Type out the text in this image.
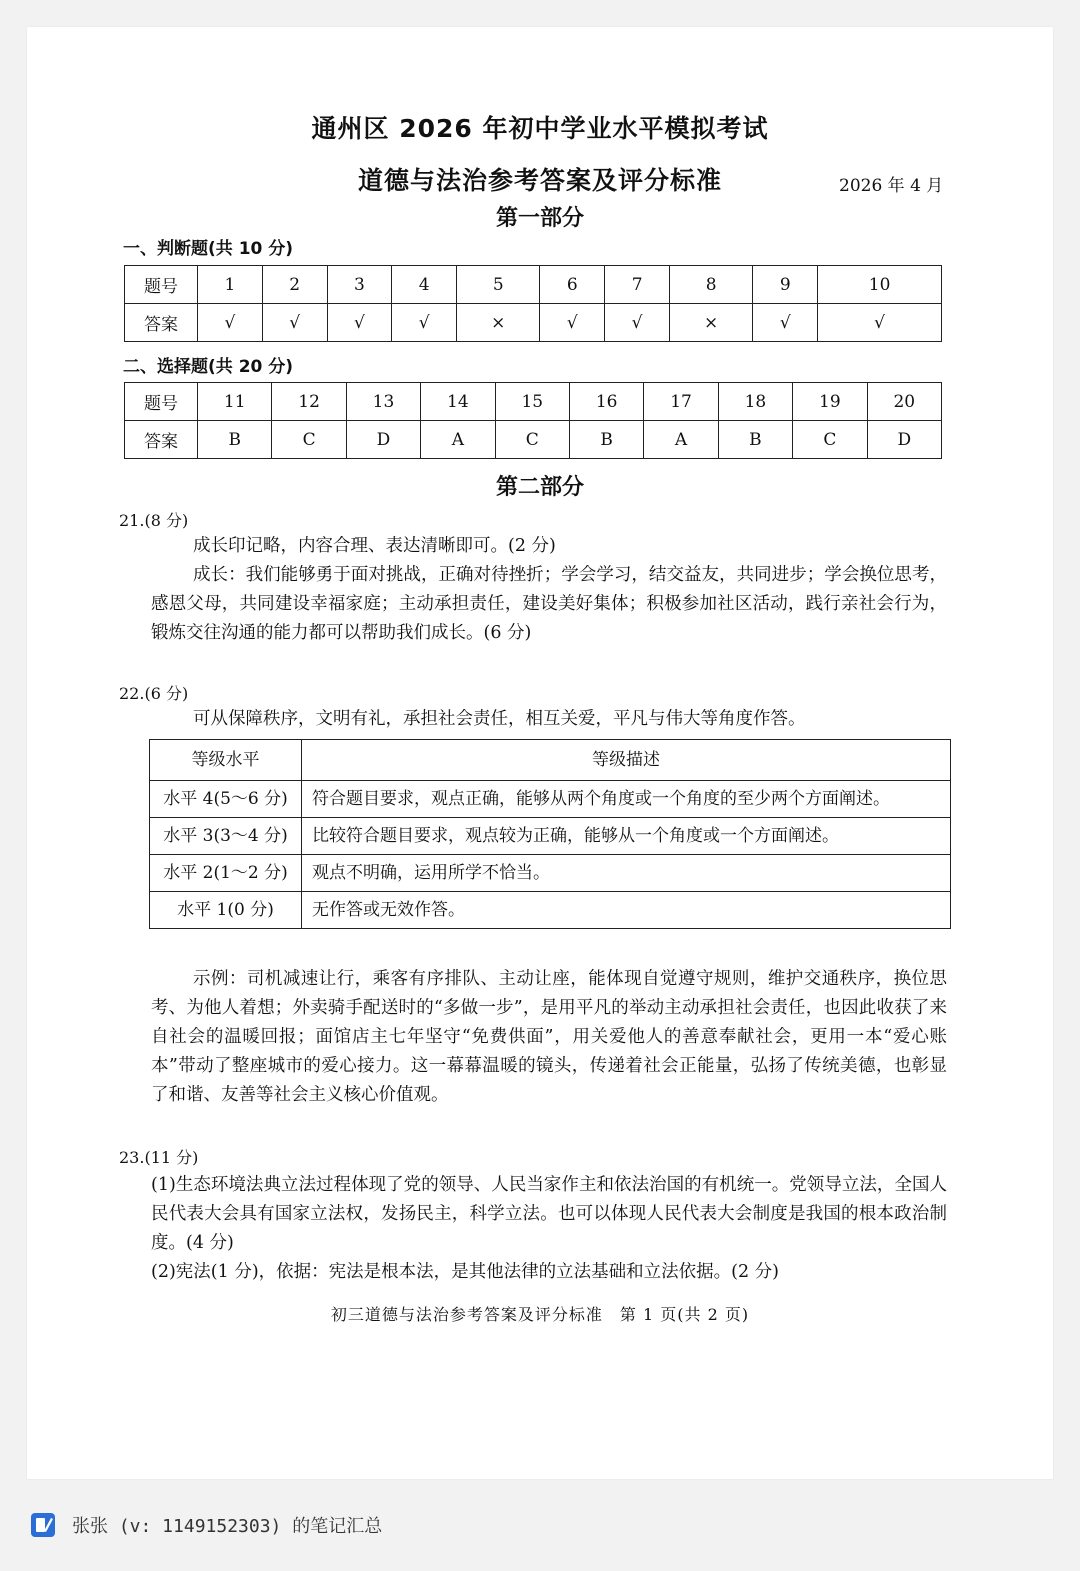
通州区 2026 年初中学业水平模拟考试
道德与法治参考答案及评分标准	2026 年 4 月
第一部分
一、判断题(共 10 分)
题号	1	2	3	4	5	6	7	8	9	10
答案	√	√	√	√	×	√	√	×	√	√
二、选择题(共 20 分)
题号	11	12	13	14	15	16	17	18	19	20
答案	B	C	D	A	C	B	A	B	C	D
第二部分
21.(8 分)
成长印记略，内容合理、表达清晰即可。(2 分)
成长：我们能够勇于面对挑战，正确对待挫折；学会学习，结交益友，共同进步；学会换位思考，感恩父母，共同建设幸福家庭；主动承担责任，建设美好集体；积极参加社区活动，践行亲社会行为，锻炼交往沟通的能力都可以帮助我们成长。(6 分)
22.(6 分)
可从保障秩序，文明有礼，承担社会责任，相互关爱，平凡与伟大等角度作答。
等级水平	等级描述
水平 4(5～6 分)	符合题目要求，观点正确，能够从两个角度或一个角度的至少两个方面阐述。
水平 3(3～4 分)	比较符合题目要求，观点较为正确，能够从一个角度或一个方面阐述。
水平 2(1～2 分)	观点不明确，运用所学不恰当。
水平 1(0 分)	无作答或无效作答。
示例：司机减速让行，乘客有序排队、主动让座，能体现自觉遵守规则，维护交通秩序，换位思考、为他人着想；外卖骑手配送时的“多做一步”，是用平凡的举动主动承担社会责任，也因此收获了来自社会的温暖回报；面馆店主七年坚守“免费供面”，用关爱他人的善意奉献社会，更用一本“爱心账本”带动了整座城市的爱心接力。这一幕幕温暖的镜头，传递着社会正能量，弘扬了传统美德，也彰显了和谐、友善等社会主义核心价值观。
23.(11 分)
(1)生态环境法典立法过程体现了党的领导、人民当家作主和依法治国的有机统一。党领导立法，全国人民代表大会具有国家立法权，发扬民主，科学立法。也可以体现人民代表大会制度是我国的根本政治制度。(4 分)
(2)宪法(1 分)，依据：宪法是根本法，是其他法律的立法基础和立法依据。(2 分)
初三道德与法治参考答案及评分标准　第 1 页(共 2 页)
张张 (v: 1149152303) 的笔记汇总
